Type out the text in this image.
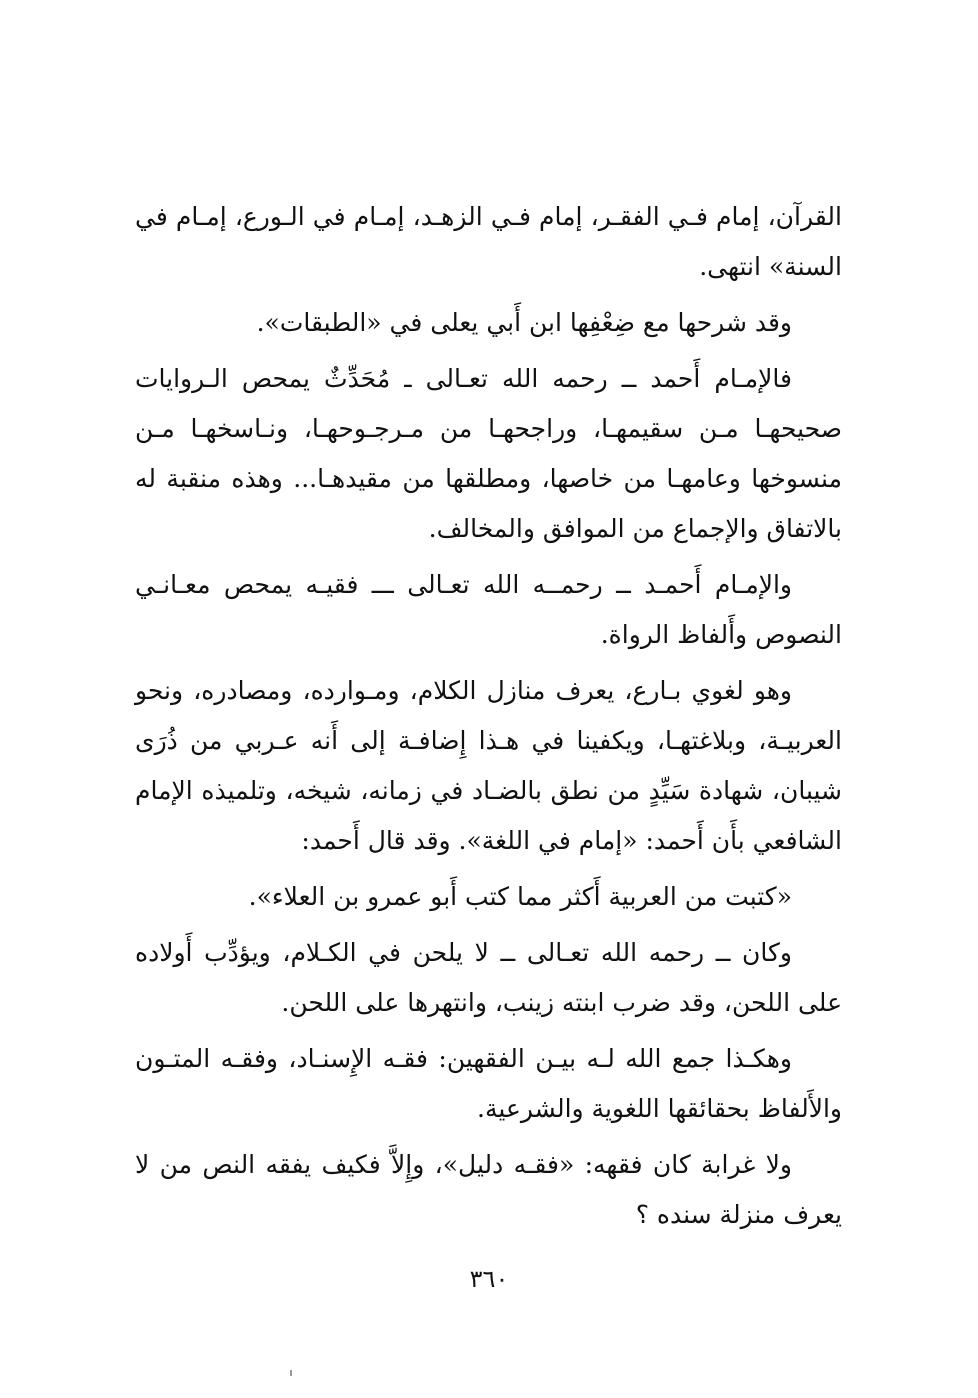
القرآن، إمام فـي الفقـر، إمام فـي الزهـد، إمـام في الـورع، إمـام في السنة» انتهى.

وقد شرحها مع ضِعْفِها ابن أَبي يعلى في «الطبقات».

فالإمـام أَحمد ــ رحمه الله تعـالى ـ مُحَدِّثٌ يمحص الـروايات صحيحهـا مـن سقيمهـا، وراجحهـا من مـرجـوحهـا، ونـاسخهـا مـن منسوخها وعامهـا من خاصها، ومطلقها من مقيدهـا... وهذه منقبة له بالاتفاق والإجماع من الموافق والمخالف.

والإمـام أَحمـد ــ رحمــه الله تعـالى ـــ فقيـه يمحص معـانـي النصوص وأَلفاظ الرواة.

وهو لغوي بـارع، يعرف منازل الكلام، ومـوارده، ومصادره، ونحو العربيـة، وبلاغتهـا، ويكفينا في هـذا إِضافـة إلى أَنه عـربي من ذُرَى شيبان، شهادة سَيِّدٍ من نطق بالضـاد في زمانه، شيخه، وتلميذه الإمام الشافعي بأَن أَحمد: «إمام في اللغة». وقد قال أَحمد:

«كتبت من العربية أَكثر مما كتب أَبو عمرو بن العلاء».

وكان ــ رحمه الله تعـالى ــ لا يلحن في الكـلام، ويؤدِّب أَولاده على اللحن، وقد ضرب ابنته زينب، وانتهرها على اللحن.

وهكـذا جمع الله لـه بيـن الفقهين: فقـه الإِسنـاد، وفقـه المتـون والأَلفاظ بحقائقها اللغوية والشرعية.

ولا غرابة كان فقهه: «فقـه دليل»، وإِلاَّ فكيف يفقه النص من لا يعرف منزلة سنده ؟

٣٦٠
